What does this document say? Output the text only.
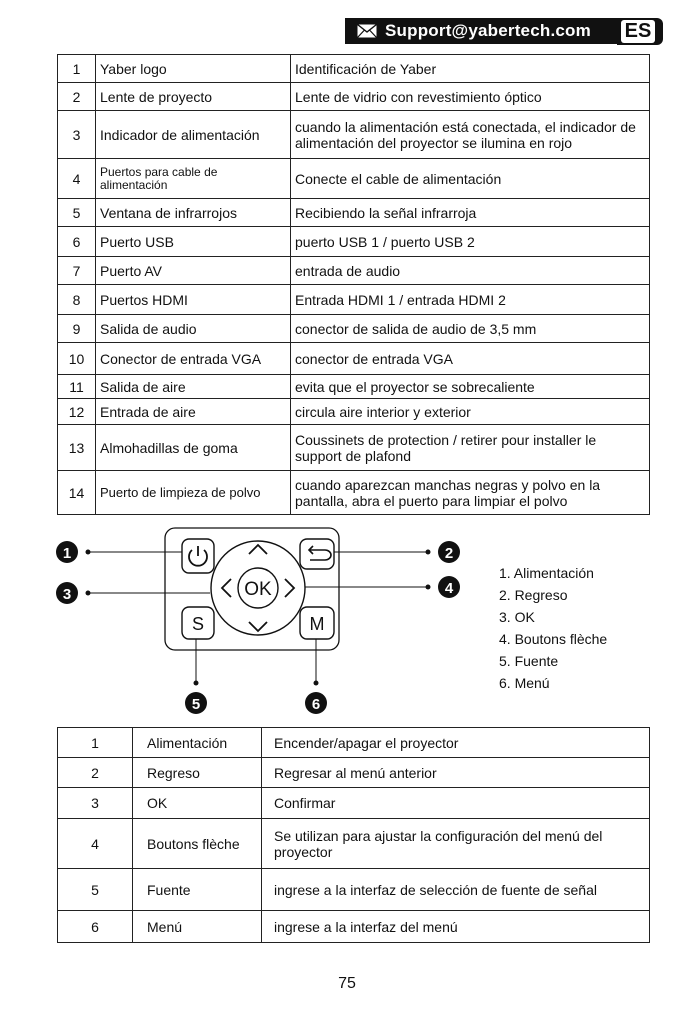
Support@yabertech.com	ES
1	Yaber logo	Identificación de Yaber
2	Lente de proyecto	Lente de vidrio con revestimiento óptico
3	Indicador de alimentación	cuando la alimentación está conectada, el indicador de alimentación del proyector se ilumina en rojo
4	Puertos para cable de alimentación	Conecte el cable de alimentación
5	Ventana de infrarrojos	Recibiendo la señal infrarroja
6	Puerto USB	puerto USB 1 / puerto USB 2
7	Puerto AV	entrada de audio
8	Puertos HDMI	Entrada HDMI 1 / entrada HDMI 2
9	Salida de audio	conector de salida de audio de 3,5 mm
10	Conector de entrada VGA	conector de entrada VGA
11	Salida de aire	evita que el proyector se sobrecaliente
12	Entrada de aire	circula aire interior y exterior
13	Almohadillas de goma	Coussinets de protection / retirer pour installer le support de plafond
14	Puerto de limpieza de polvo	cuando aparezcan manchas negras y polvo en la pantalla, abra el puerto para limpiar el polvo
OK
S	M
1	2
3	4
5	6
1. Alimentación
2. Regreso
3. OK
4. Boutons flèche
5. Fuente
6. Menú
1	Alimentación	Encender/apagar el proyector
2	Regreso	Regresar al menú anterior
3	OK	Confirmar
4	Boutons flèche	Se utilizan para ajustar la configuración del menú del proyector
5	Fuente	ingrese a la interfaz de selección de fuente de señal
6	Menú	ingrese a la interfaz del menú
75
